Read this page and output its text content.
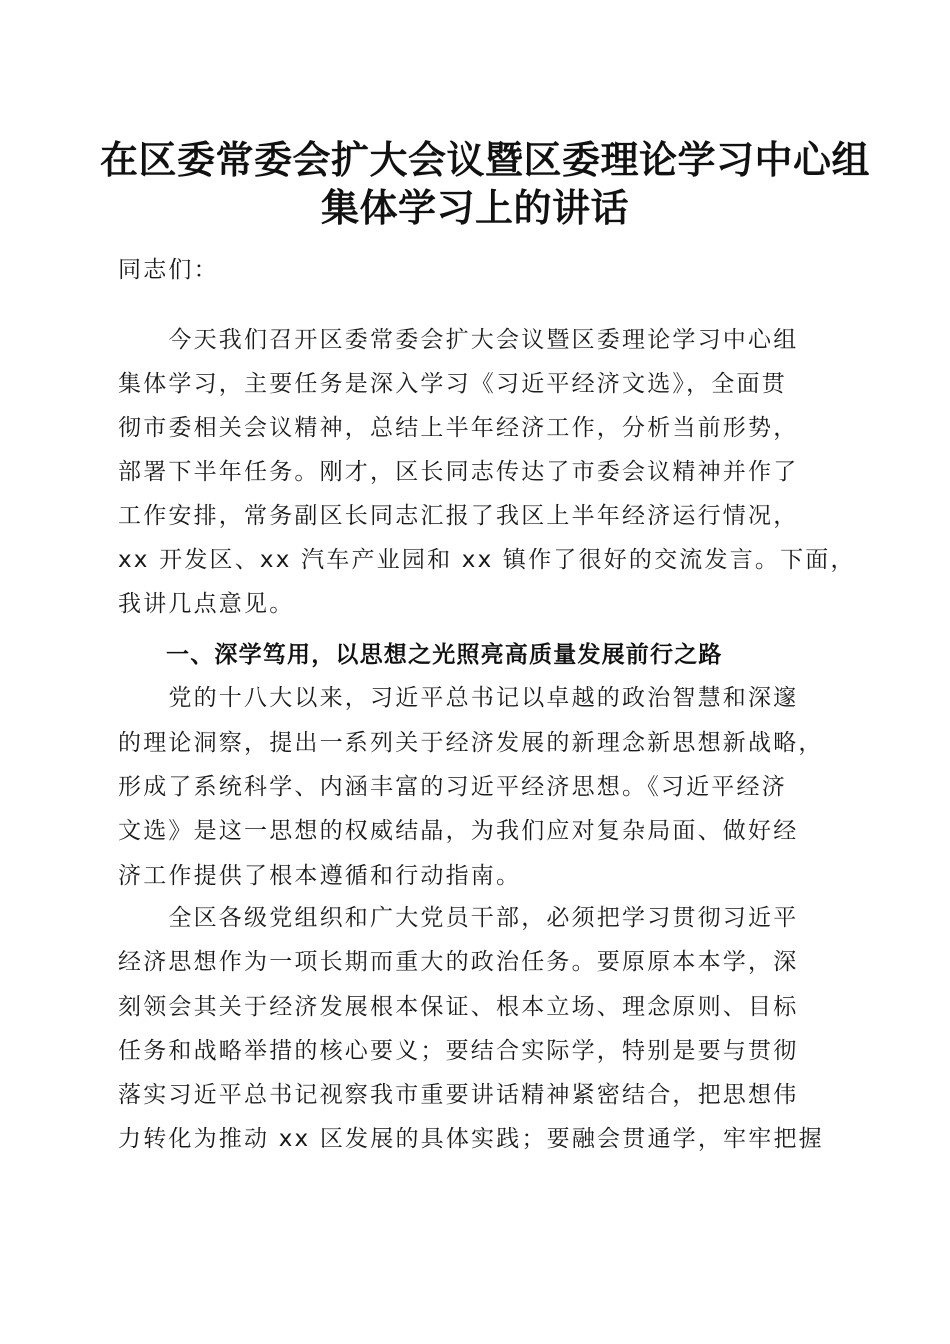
在区委常委会扩大会议暨区委理论学习中心组
集体学习上的讲话
同志们：
　　今天我们召开区委常委会扩大会议暨区委理论学习中心组
集体学习，主要任务是深入学习《习近平经济文选》，全面贯
彻市委相关会议精神，总结上半年经济工作，分析当前形势，
部署下半年任务。刚才，区长同志传达了市委会议精神并作了
工作安排，常务副区长同志汇报了我区上半年经济运行情况，
xx 开发区、xx 汽车产业园和 xx 镇作了很好的交流发言。下面，
我讲几点意见。
一、深学笃用，以思想之光照亮高质量发展前行之路
　　党的十八大以来，习近平总书记以卓越的政治智慧和深邃
的理论洞察，提出一系列关于经济发展的新理念新思想新战略，
形成了系统科学、内涵丰富的习近平经济思想。《习近平经济
文选》是这一思想的权威结晶，为我们应对复杂局面、做好经
济工作提供了根本遵循和行动指南。
　　全区各级党组织和广大党员干部，必须把学习贯彻习近平
经济思想作为一项长期而重大的政治任务。要原原本本学，深
刻领会其关于经济发展根本保证、根本立场、理念原则、目标
任务和战略举措的核心要义；要结合实际学，特别是要与贯彻
落实习近平总书记视察我市重要讲话精神紧密结合，把思想伟
力转化为推动 xx 区发展的具体实践；要融会贯通学，牢牢把握
